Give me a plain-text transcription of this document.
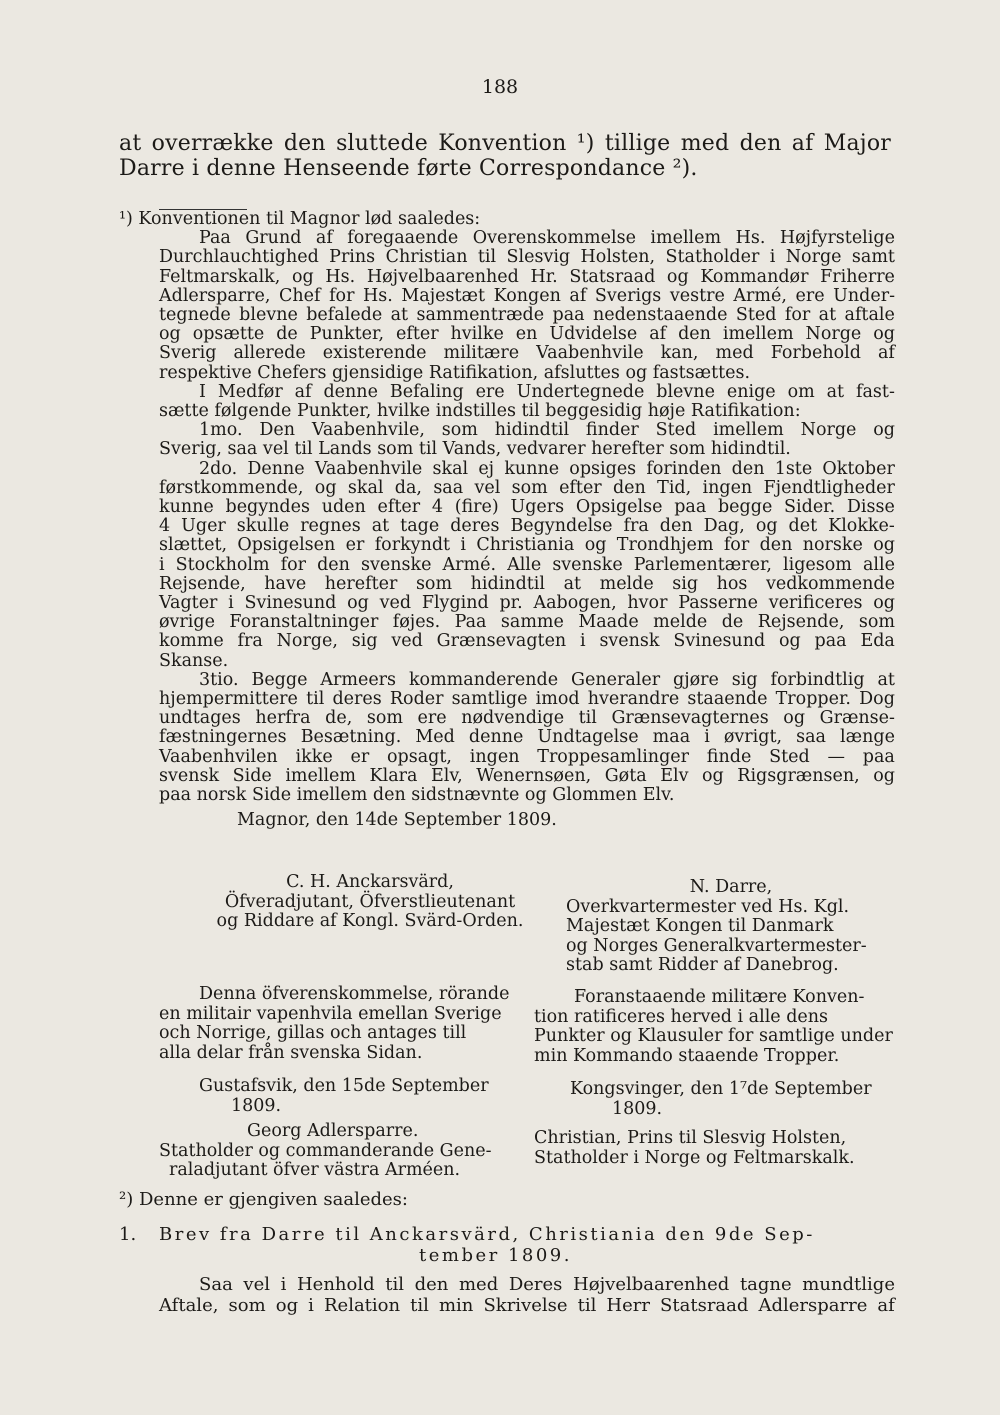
188
at overrække den sluttede Konvention ¹) tillige med den af Major
Darre i denne Henseende førte Correspondance ²).
¹) Konventionen til Magnor lød saaledes:
Paa Grund af foregaaende Overenskommelse imellem Hs. Højfyrstelige
Durchlauchtighed Prins Christian til Slesvig Holsten, Statholder i Norge samt
Feltmarskalk, og Hs. Højvelbaarenhed Hr. Statsraad og Kommandør Friherre
Adlersparre, Chef for Hs. Majestæt Kongen af Sverigs vestre Armé, ere Under-
tegnede blevne befalede at sammentræde paa nedenstaaende Sted for at aftale
og opsætte de Punkter, efter hvilke en Udvidelse af den imellem Norge og
Sverig allerede existerende militære Vaabenhvile kan, med Forbehold af
respektive Chefers gjensidige Ratifikation, afsluttes og fastsættes.
I Medfør af denne Befaling ere Undertegnede blevne enige om at fast-
sætte følgende Punkter, hvilke indstilles til beggesidig høje Ratifikation:
1mo. Den Vaabenhvile, som hidindtil finder Sted imellem Norge og
Sverig, saa vel til Lands som til Vands, vedvarer herefter som hidindtil.
2do. Denne Vaabenhvile skal ej kunne opsiges forinden den 1ste Oktober
førstkommende, og skal da, saa vel som efter den Tid, ingen Fjendtligheder
kunne begyndes uden efter 4 (fire) Ugers Opsigelse paa begge Sider. Disse
4 Uger skulle regnes at tage deres Begyndelse fra den Dag, og det Klokke-
slættet, Opsigelsen er forkyndt i Christiania og Trondhjem for den norske og
i Stockholm for den svenske Armé. Alle svenske Parlementærer, ligesom alle
Rejsende, have herefter som hidindtil at melde sig hos vedkommende
Vagter i Svinesund og ved Flygind pr. Aabogen, hvor Passerne verificeres og
øvrige Foranstaltninger føjes. Paa samme Maade melde de Rejsende, som
komme fra Norge, sig ved Grænsevagten i svensk Svinesund og paa Eda
Skanse.
3tio. Begge Armeers kommanderende Generaler gjøre sig forbindtlig at
hjempermittere til deres Roder samtlige imod hverandre staaende Tropper. Dog
undtages herfra de, som ere nødvendige til Grænsevagternes og Grænse-
fæstningernes Besætning. Med denne Undtagelse maa i øvrigt, saa længe
Vaabenhvilen ikke er opsagt, ingen Troppesamlinger finde Sted — paa
svensk Side imellem Klara Elv, Wenernsøen, Gøta Elv og Rigsgrænsen, og
paa norsk Side imellem den sidstnævnte og Glommen Elv.
Magnor, den 14de September 1809.
C. H. Anckarsvärd,
Öfveradjutant, Öfverstlieutenant
og Riddare af Kongl. Svärd-Orden.
N. Darre,
Overkvartermester ved Hs. Kgl.
Majestæt Kongen til Danmark
og Norges Generalkvartermester-
stab samt Ridder af Danebrog.
Denna öfverenskommelse, rörande
en militair vapenhvila emellan Sverige
och Norrige, gillas och antages till
alla delar från svenska Sidan.
Gustafsvik, den 15de September
1809.
Georg Adlersparre.
Statholder og commanderande Gene-
raladjutant öfver västra Arméen.
Foranstaaende militære Konven-
tion ratificeres herved i alle dens
Punkter og Klausuler for samtlige under
min Kommando staaende Tropper.
Kongsvinger, den 1⁷de September
1809.
Christian, Prins til Slesvig Holsten,
Statholder i Norge og Feltmarskalk.
²) Denne er gjengiven saaledes:
1.	Brev fra Darre til Anckarsvärd, Christiania den 9de Sep-
tember 1809.
Saa vel i Henhold til den med Deres Højvelbaarenhed tagne mundtlige
Aftale, som og i Relation til min Skrivelse til Herr Statsraad Adlersparre af
